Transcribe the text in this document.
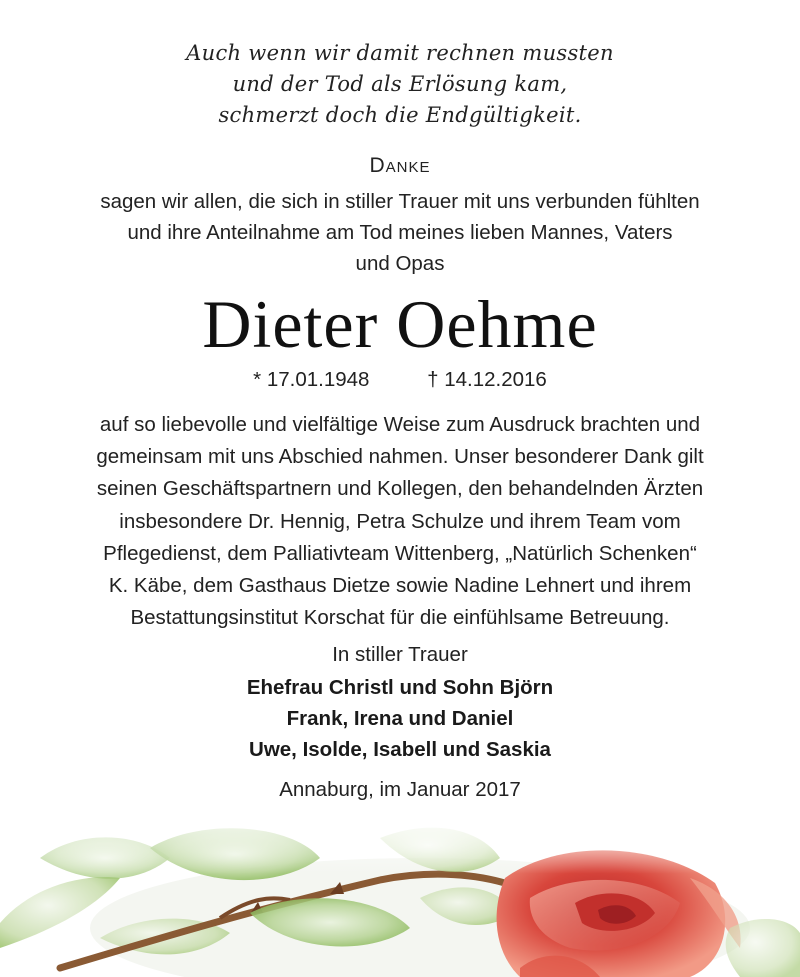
Auch wenn wir damit rechnen mussten
und der Tod als Erlösung kam,
schmerzt doch die Endgültigkeit.
Danke
sagen wir allen, die sich in stiller Trauer mit uns verbunden fühlten
und ihre Anteilnahme am Tod meines lieben Mannes, Vaters
und Opas
Dieter Oehme
* 17.01.1948	† 14.12.2016
auf so liebevolle und vielfältige Weise zum Ausdruck brachten und
gemeinsam mit uns Abschied nahmen. Unser besonderer Dank gilt
seinen Geschäftspartnern und Kollegen, den behandelnden Ärzten
insbesondere Dr. Hennig, Petra Schulze und ihrem Team vom
Pflegedienst, dem Palliativteam Wittenberg, „Natürlich Schenken“
K. Käbe, dem Gasthaus Dietze sowie Nadine Lehnert und ihrem
Bestattungsinstitut Korschat für die einfühlsame Betreuung.
In stiller Trauer
Ehefrau Christl und Sohn Björn
Frank, Irena und Daniel
Uwe, Isolde, Isabell und Saskia
Annaburg, im Januar 2017
